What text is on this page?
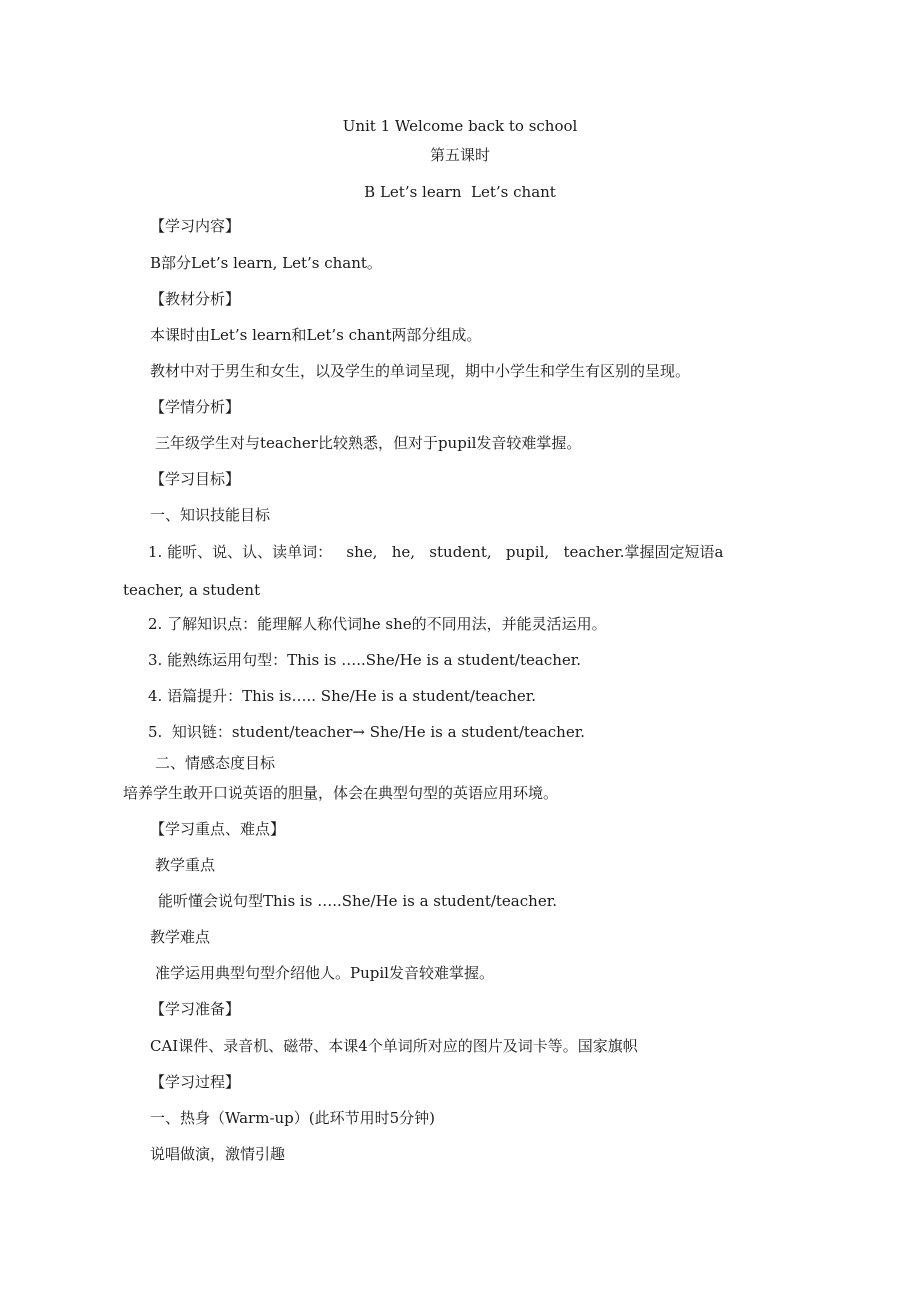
Unit 1 Welcome back to school
第五课时
B Let’s learn  Let’s chant
【学习内容】
B部分Let’s learn, Let’s chant。
【教材分析】
本课时由Let’s learn和Let’s chant两部分组成。
教材中对于男生和女生，以及学生的单词呈现，期中小学生和学生有区别的呈现。
【学情分析】
三年级学生对与teacher比较熟悉，但对于pupil发音较难掌握。
【学习目标】
一、知识技能目标
1. 能听、说、认、读单词：   she,   he,   student,   pupil,   teacher.掌握固定短语a
teacher, a student
2. 了解知识点：能理解人称代词he she的不同用法，并能灵活运用。
3. 能熟练运用句型：This is …..She/He is a student/teacher.
4. 语篇提升：This is….. She/He is a student/teacher.
5.  知识链：student/teacher→ She/He is a student/teacher.
二、情感态度目标
培养学生敢开口说英语的胆量，体会在典型句型的英语应用环境。
【学习重点、难点】
教学重点
能听懂会说句型This is …..She/He is a student/teacher.
教学难点
准学运用典型句型介绍他人。Pupil发音较难掌握。
【学习准备】
CAI课件、录音机、磁带、本课4个单词所对应的图片及词卡等。国家旗帜
【学习过程】
一、热身（Warm-up）(此环节用时5分钟)
说唱做演，激情引趣
